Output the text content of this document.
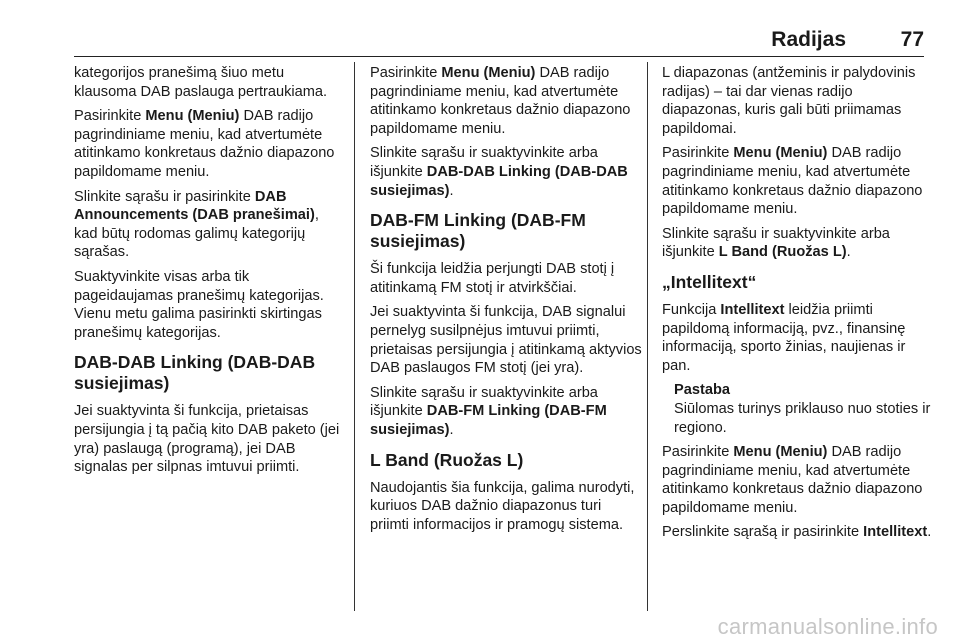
Radijas	77

kategorijos pranešimą šiuo metu klausoma DAB paslauga pertraukiama.

Pasirinkite Menu (Meniu) DAB radijo pagrindiniame meniu, kad atvertumėte atitinkamo konkretaus dažnio diapazono papildomame meniu.

Slinkite sąrašu ir pasirinkite DAB Announcements (DAB pranešimai), kad būtų rodomas galimų kategorijų sąrašas.

Suaktyvinkite visas arba tik pageidaujamas pranešimų kategorijas. Vienu metu galima pasirinkti skirtingas pranešimų kategorijas.

DAB-DAB Linking (DAB-DAB susiejimas)

Jei suaktyvinta ši funkcija, prietaisas persijungia į tą pačią kito DAB paketo (jei yra) paslaugą (programą), jei DAB signalas per silpnas imtuvui priimti.

Pasirinkite Menu (Meniu) DAB radijo pagrindiniame meniu, kad atvertumėte atitinkamo konkretaus dažnio diapazono papildomame meniu.

Slinkite sąrašu ir suaktyvinkite arba išjunkite DAB-DAB Linking (DAB-DAB susiejimas).

DAB-FM Linking (DAB-FM susiejimas)

Ši funkcija leidžia perjungti DAB stotį į atitinkamą FM stotį ir atvirkščiai.

Jei suaktyvinta ši funkcija, DAB signalui pernelyg susilpnėjus imtuvui priimti, prietaisas persijungia į atitinkamą aktyvios DAB paslaugos FM stotį (jei yra).

Slinkite sąrašu ir suaktyvinkite arba išjunkite DAB-FM Linking (DAB-FM susiejimas).

L Band (Ruožas L)

Naudojantis šia funkcija, galima nurodyti, kuriuos DAB dažnio diapazonus turi priimti informacijos ir pramogų sistema.

L diapazonas (antžeminis ir palydovinis radijas) – tai dar vienas radijo diapazonas, kuris gali būti priimamas papildomai.

Pasirinkite Menu (Meniu) DAB radijo pagrindiniame meniu, kad atvertumėte atitinkamo konkretaus dažnio diapazono papildomame meniu.

Slinkite sąrašu ir suaktyvinkite arba išjunkite L Band (Ruožas L).

„Intellitext“

Funkcija Intellitext leidžia priimti papildomą informaciją, pvz., finansinę informaciją, sporto žinias, naujienas ir pan.

Pastaba
Siūlomas turinys priklauso nuo stoties ir regiono.

Pasirinkite Menu (Meniu) DAB radijo pagrindiniame meniu, kad atvertumėte atitinkamo konkretaus dažnio diapazono papildomame meniu.

Perslinkite sąrašą ir pasirinkite Intellitext.

carmanualsonline.info
